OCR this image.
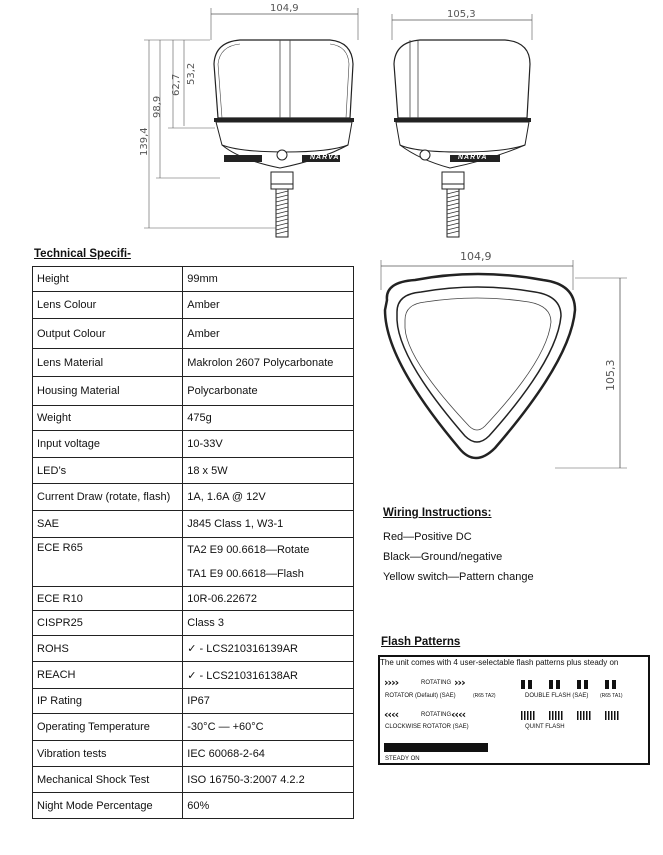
104,9
139,4
98,9
62,7 53,2
NARVA
105,3
NARVA
104,9
105,3
Technical Specifi-
Height	99mm
Lens Colour	Amber
Output Colour	Amber
Lens Material	Makrolon 2607 Polycarbonate
Housing Material	Polycarbonate
Weight	475g
Input voltage	10-33V
LED’s	18 x 5W
Current Draw (rotate, flash)	1A, 1.6A @ 12V
SAE	J845 Class 1, W3-1
ECE R65	TA2 E9 00.6618—Rotate
TA1 E9 00.6618—Flash

ECE R10	10R-06.22672
CISPR25	Class 3
ROHS	✓ - LCS210316139AR
REACH	✓ - LCS210316138AR
IP Rating	IP67
Operating Temperature	-30°C — +60°C
Vibration tests	IEC 60068-2-64
Mechanical Shock Test	ISO 16750-3:2007 4.2.2
Night Mode Percentage	60%
Wiring Instructions:
Red—Positive DC
Black—Ground/negative
Yellow switch—Pattern change
Flash Patterns
The unit comes with 4 user-selectable flash patterns plus steady on
››››	ROTATING ›››
ROTATOR (Default) (SAE)	(R65 TA2)	DOUBLE FLASH (SAE) (R65 TA1)
‹‹‹‹	ROTATING ‹‹‹‹
CLOCKWISE ROTATOR (SAE)	QUINT FLASH
STEADY ON
